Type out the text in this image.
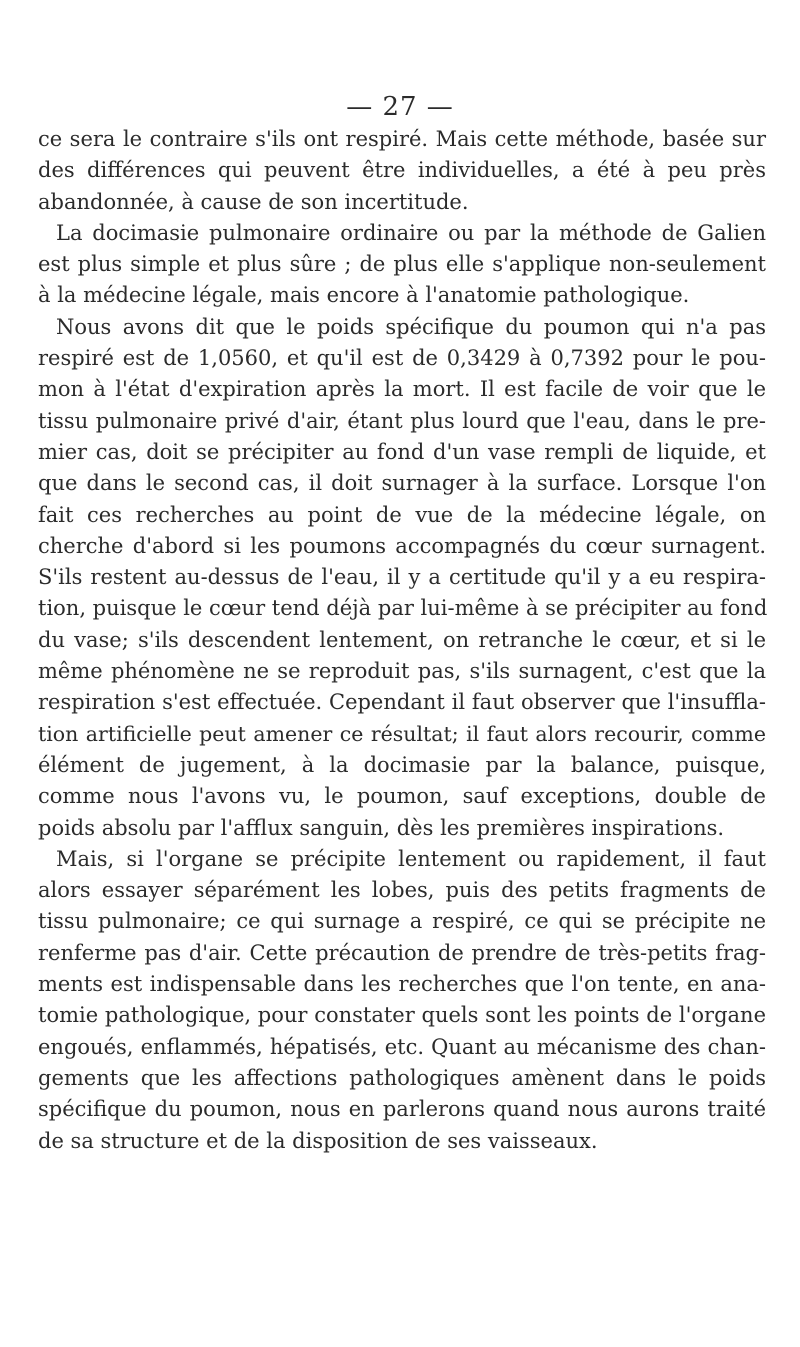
— 27 —
ce sera le contraire s'ils ont respiré. Mais cette méthode, basée sur
des différences qui peuvent être individuelles, a été à peu près
abandonnée, à cause de son incertitude.
La docimasie pulmonaire ordinaire ou par la méthode de Galien
est plus simple et plus sûre ; de plus elle s'applique non-seulement
à la médecine légale, mais encore à l'anatomie pathologique.
Nous avons dit que le poids spécifique du poumon qui n'a pas
respiré est de 1,0560, et qu'il est de 0,3429 à 0,7392 pour le pou-
mon à l'état d'expiration après la mort. Il est facile de voir que le
tissu pulmonaire privé d'air, étant plus lourd que l'eau, dans le pre-
mier cas, doit se précipiter au fond d'un vase rempli de liquide, et
que dans le second cas, il doit surnager à la surface. Lorsque l'on
fait ces recherches au point de vue de la médecine légale, on
cherche d'abord si les poumons accompagnés du cœur surnagent.
S'ils restent au-dessus de l'eau, il y a certitude qu'il y a eu respira-
tion, puisque le cœur tend déjà par lui-même à se précipiter au fond
du vase; s'ils descendent lentement, on retranche le cœur, et si le
même phénomène ne se reproduit pas, s'ils surnagent, c'est que la
respiration s'est effectuée. Cependant il faut observer que l'insuffla-
tion artificielle peut amener ce résultat; il faut alors recourir, comme
élément de jugement, à la docimasie par la balance, puisque,
comme nous l'avons vu, le poumon, sauf exceptions, double de
poids absolu par l'afflux sanguin, dès les premières inspirations.
Mais, si l'organe se précipite lentement ou rapidement, il faut
alors essayer séparément les lobes, puis des petits fragments de
tissu pulmonaire; ce qui surnage a respiré, ce qui se précipite ne
renferme pas d'air. Cette précaution de prendre de très-petits frag-
ments est indispensable dans les recherches que l'on tente, en ana-
tomie pathologique, pour constater quels sont les points de l'organe
engoués, enflammés, hépatisés, etc. Quant au mécanisme des chan-
gements que les affections pathologiques amènent dans le poids
spécifique du poumon, nous en parlerons quand nous aurons traité
de sa structure et de la disposition de ses vaisseaux.
